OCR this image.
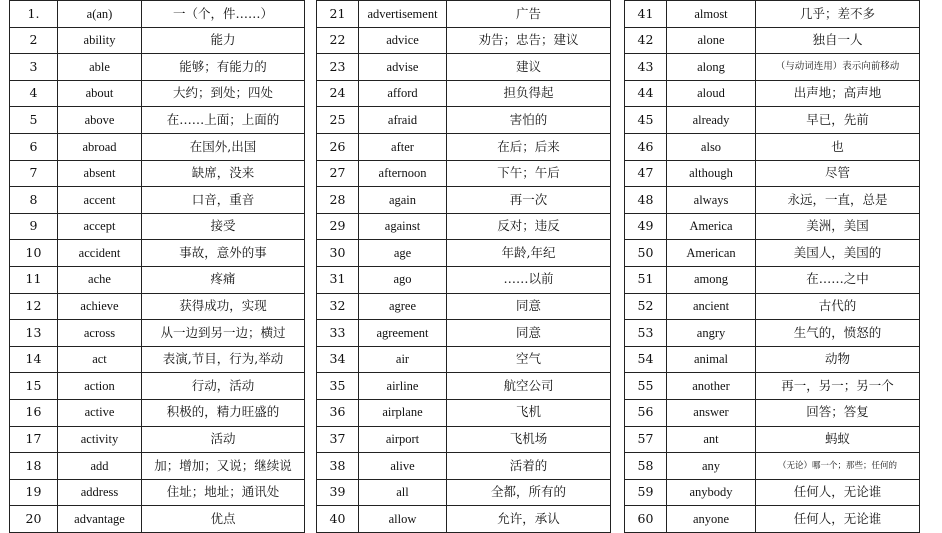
1.	a(an)	一（个，件……）
2	ability	能力
3	able	能够；有能力的
4	about	大约；到处；四处
5	above	在……上面；上面的
6	abroad	在国外,出国
7	absent	缺席，没来
8	accent	口音，重音
9	accept	接受
10	accident	事故，意外的事
11	ache	疼痛
12	achieve	获得成功，实现
13	across	从一边到另一边；横过
14	act	表演,节目，行为,举动
15	action	行动，活动
16	active	积极的，精力旺盛的
17	activity	活动
18	add	加；增加；又说；继续说
19	address	住址；地址；通讯处
20	advantage	优点
21	advertisement	广告
22	advice	劝告；忠告；建议
23	advise	建议
24	afford	担负得起
25	afraid	害怕的
26	after	在后；后来
27	afternoon	下午；午后
28	again	再一次
29	against	反对；违反
30	age	年龄,年纪
31	ago	……以前
32	agree	同意
33	agreement	同意
34	air	空气
35	airline	航空公司
36	airplane	飞机
37	airport	飞机场
38	alive	活着的
39	all	全都，所有的
40	allow	允许，承认
41	almost	几乎；差不多
42	alone	独自一人
43	along	（与动词连用）表示向前移动
44	aloud	出声地；高声地
45	already	早已，先前
46	also	也
47	although	尽管
48	always	永远，一直，总是
49	America	美洲，美国
50	American	美国人，美国的
51	among	在……之中
52	ancient	古代的
53	angry	生气的，愤怒的
54	animal	动物
55	another	再一，另一；另一个
56	answer	回答；答复
57	ant	蚂蚁
58	any	（无论）哪一个；那些；任何的
59	anybody	任何人，无论谁
60	anyone	任何人，无论谁
